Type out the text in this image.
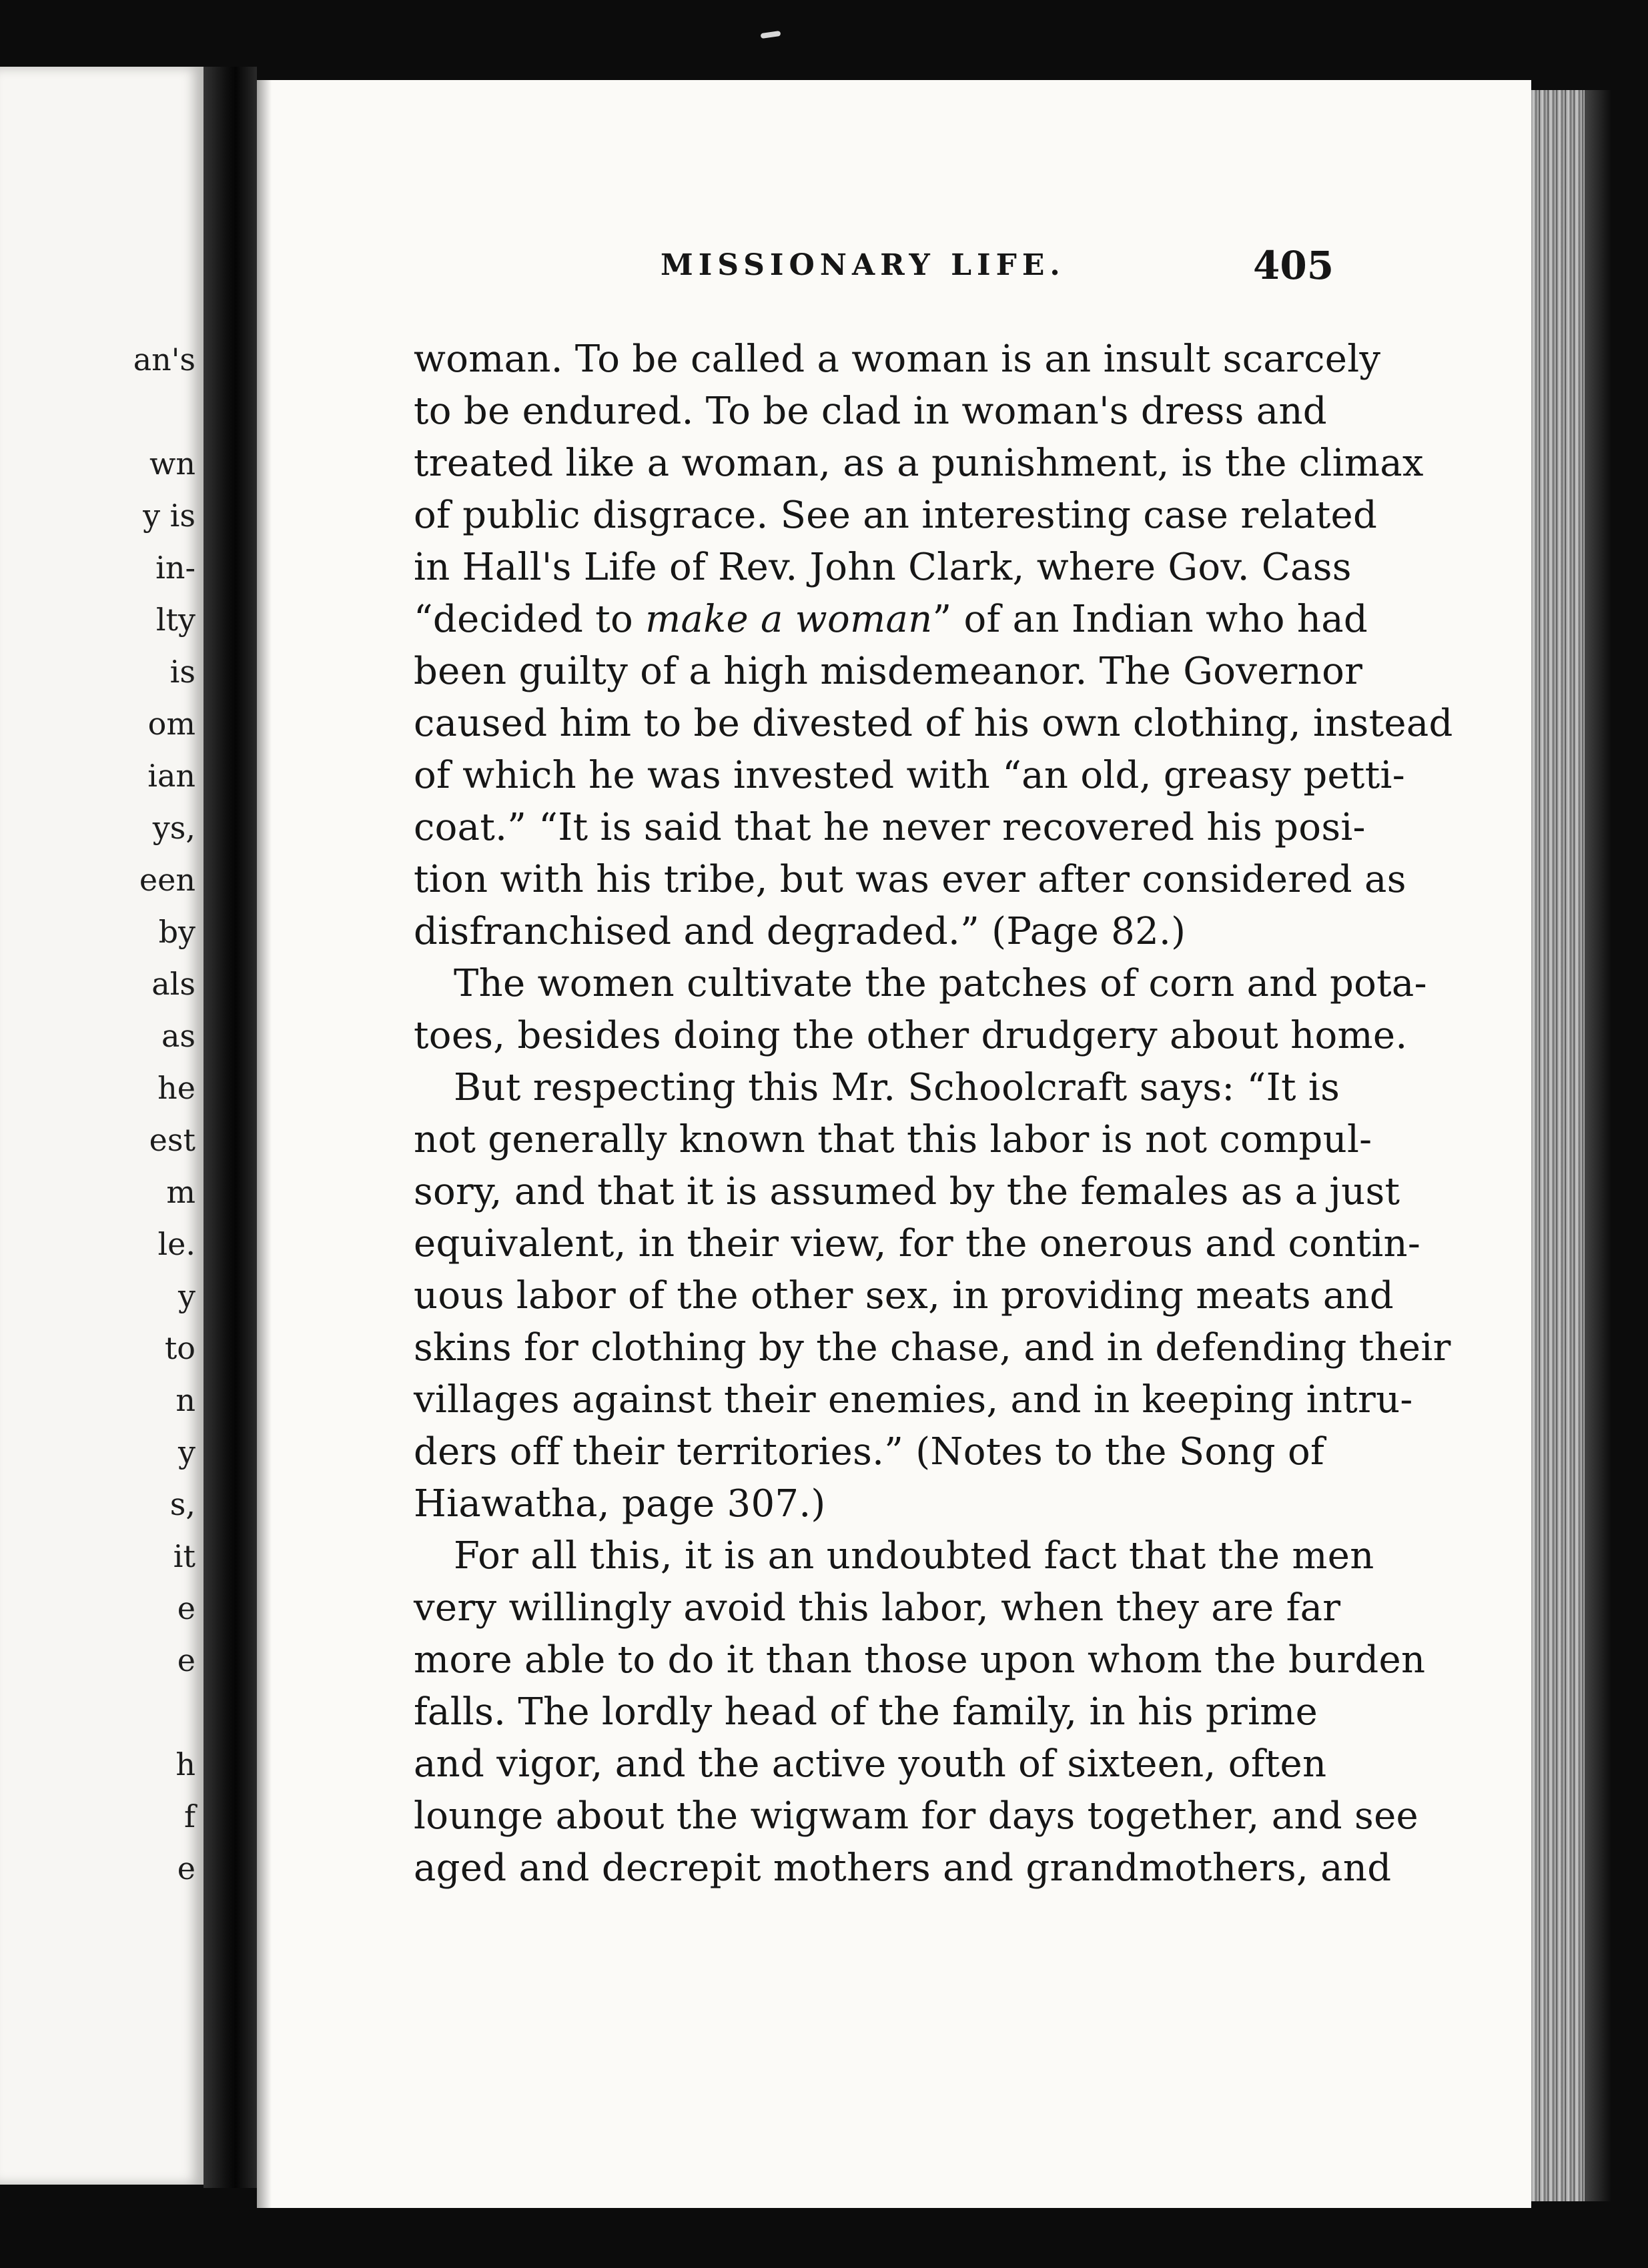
an's
wn
y is
in-
lty
is
om
ian
ys,
een
by
als
as
he
est
m
le.
y
to
n
y
s,
it
e
e
h
f
e
MISSIONARY LIFE.	405
woman. To be called a woman is an insult scarcely
to be endured. To be clad in woman's dress and
treated like a woman, as a punishment, is the climax
of public disgrace. See an interesting case related
in Hall's Life of Rev. John Clark, where Gov. Cass
“decided to make a woman” of an Indian who had
been guilty of a high misdemeanor. The Governor
caused him to be divested of his own clothing, instead
of which he was invested with “an old, greasy petti-
coat.” “It is said that he never recovered his posi-
tion with his tribe, but was ever after considered as
disfranchised and degraded.” (Page 82.)
The women cultivate the patches of corn and pota-
toes, besides doing the other drudgery about home.
But respecting this Mr. Schoolcraft says: “It is
not generally known that this labor is not compul-
sory, and that it is assumed by the females as a just
equivalent, in their view, for the onerous and contin-
uous labor of the other sex, in providing meats and
skins for clothing by the chase, and in defending their
villages against their enemies, and in keeping intru-
ders off their territories.” (Notes to the Song of
Hiawatha, page 307.)
For all this, it is an undoubted fact that the men
very willingly avoid this labor, when they are far
more able to do it than those upon whom the burden
falls. The lordly head of the family, in his prime
and vigor, and the active youth of sixteen, often
lounge about the wigwam for days together, and see
aged and decrepit mothers and grandmothers, and
